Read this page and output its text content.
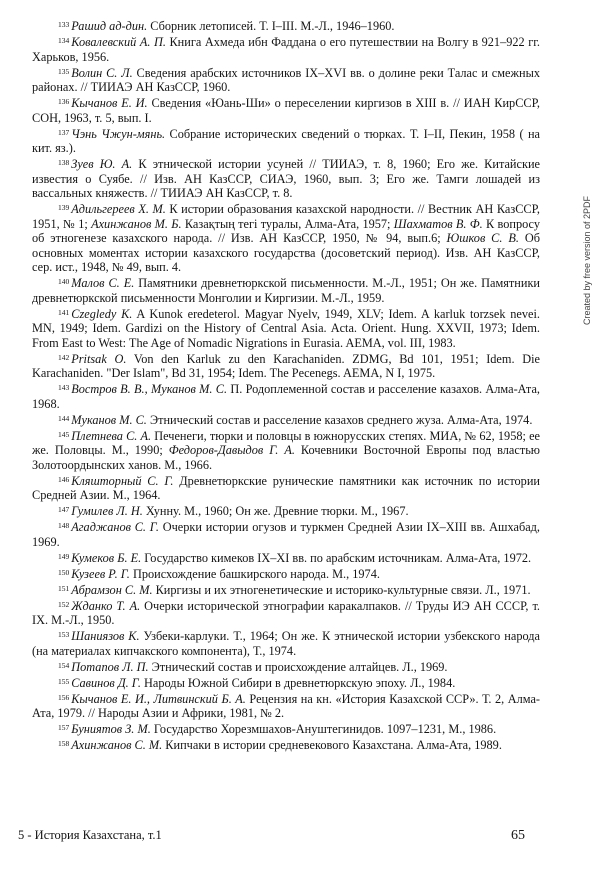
$^{133}$ Рашид ад-дин. Сборник летописей. Т. I–III. М.-Л., 1946–1960.

$^{134}$ Ковалевский А. П. Книга Ахмеда ибн Фаддана о его путешествии на Волгу в 921–922 гг. Харьков, 1956.

$^{135}$ Волин С. Л. Сведения арабских источников IX–XVI вв. о долине реки Талас и смежных районах. // ТИИАЭ АН КазССР, 1960.

$^{136}$ Кычанов Е. И. Сведения «Юань-Ши» о переселении киргизов в XIII в. // ИАН КирССР, СОН, 1963, т. 5, вып. I.

$^{137}$ Чэнь Чжун-мянь. Собрание исторических сведений о тюрках. Т. I–II, Пекин, 1958 ( на кит. яз.).

$^{138}$ Зуев Ю. А. К этнической истории усуней // ТИИАЭ, т. 8, 1960; Его же. Китайские известия о Суябе. // Изв. АН КазССР, СИАЭ, 1960, вып. 3; Его же. Тамги лошадей из вассальных княжеств. // ТИИАЭ АН КазССР, т. 8.

$^{139}$ Адильгереев Х. М. К истории образования казахской народности. // Вестник АН КазССР, 1951, № 1; Ахинжанов М. Б. Казақтың тегі туралы, Алма-Ата, 1957; Шахматов В. Ф. К вопросу об этногенезе казахского народа. // Изв. АН КазССР, 1950, № 94, вып.6; Юшков С. В. Об основных моментах истории казахского государства (досоветский период). Изв. АН КазССР, сер. ист., 1948, № 49, вып. 4.

$^{140}$ Малов С. Е. Памятники древнетюркской письменности. М.-Л., 1951; Он же. Памятники древнетюркской письменности Монголии и Киргизии. М.-Л., 1959.

$^{141}$ Czegledy K. A Kunok eredeterol. Magyar Nyelv, 1949, XLV; Idem. A karluk torzsek nevei. MN, 1949; Idem. Gardizi on the History of Central Asia. Acta. Orient. Hung. XXVII, 1973; Idem. From East to West: The Age of Nomadic Nigrations in Eurasia. AEMA, vol. III, 1983.

$^{142}$ Pritsak O. Von den Karluk zu den Karachaniden. ZDMG, Bd 101, 1951; Idem. Die Karachaniden. "Der Islam", Bd 31, 1954; Idem. The Pecenegs. AEMA, N I, 1975.

$^{143}$ Востров В. В., Муканов М. С. П. Родоплеменной состав и расселение казахов. Алма-Ата, 1968.

$^{144}$ Муканов М. С. Этнический состав и расселение казахов среднего жуза. Алма-Ата, 1974.

$^{145}$ Плетнева С. А. Печенеги, тюрки и половцы в южнорусских степях. МИА, № 62, 1958; ее же. Половцы. М., 1990; Федоров-Давыдов Г. А. Кочевники Восточной Европы под властью Золотоордынских ханов. М., 1966.

$^{146}$ Кляшторный С. Г. Древнетюркские рунические памятники как источник по истории Средней Азии. М., 1964.

$^{147}$ Гумилев Л. Н. Хунну. М., 1960; Он же. Древние тюрки. М., 1967.

$^{148}$ Агаджанов С. Г. Очерки истории огузов и туркмен Средней Азии IX–XIII вв. Ашхабад, 1969.

$^{149}$ Кумеков Б. Е. Государство кимеков IX–XI вв. по арабским источникам. Алма-Ата, 1972.

$^{150}$ Кузеев Р. Г. Происхождение башкирского народа. М., 1974.

$^{151}$ Абрамзон С. М. Киргизы и их этногенетические и историко-культурные связи. Л., 1971.

$^{152}$ Жданко Т. А. Очерки исторической этнографии каракалпаков. // Труды ИЭ АН СССР, т. IX. М.-Л., 1950.

$^{153}$ Шаниязов К. Узбеки-карлуки. Т., 1964; Он же. К этнической истории узбекского народа (на материалах кипчакского компонента), Т., 1974.

$^{154}$ Потапов Л. П. Этнический состав и происхождение алтайцев. Л., 1969.

$^{155}$ Савинов Д. Г. Народы Южной Сибири в древнетюркскую эпоху. Л., 1984.

$^{156}$ Кычанов Е. И., Литвинский Б. А. Рецензия на кн. «История Казахской ССР». Т. 2, Алма-Ата, 1979. // Народы Азии и Африки, 1981, № 2.

$^{157}$ Буниятов З. М. Государство Хорезмшахов-Ануштегинидов. 1097–1231, М., 1986.

$^{158}$ Ахинжанов С. М. Кипчаки в истории средневекового Казахстана. Алма-Ата, 1989.

5 - История Казахстана, т.1	65
Created by free version of 2PDF
